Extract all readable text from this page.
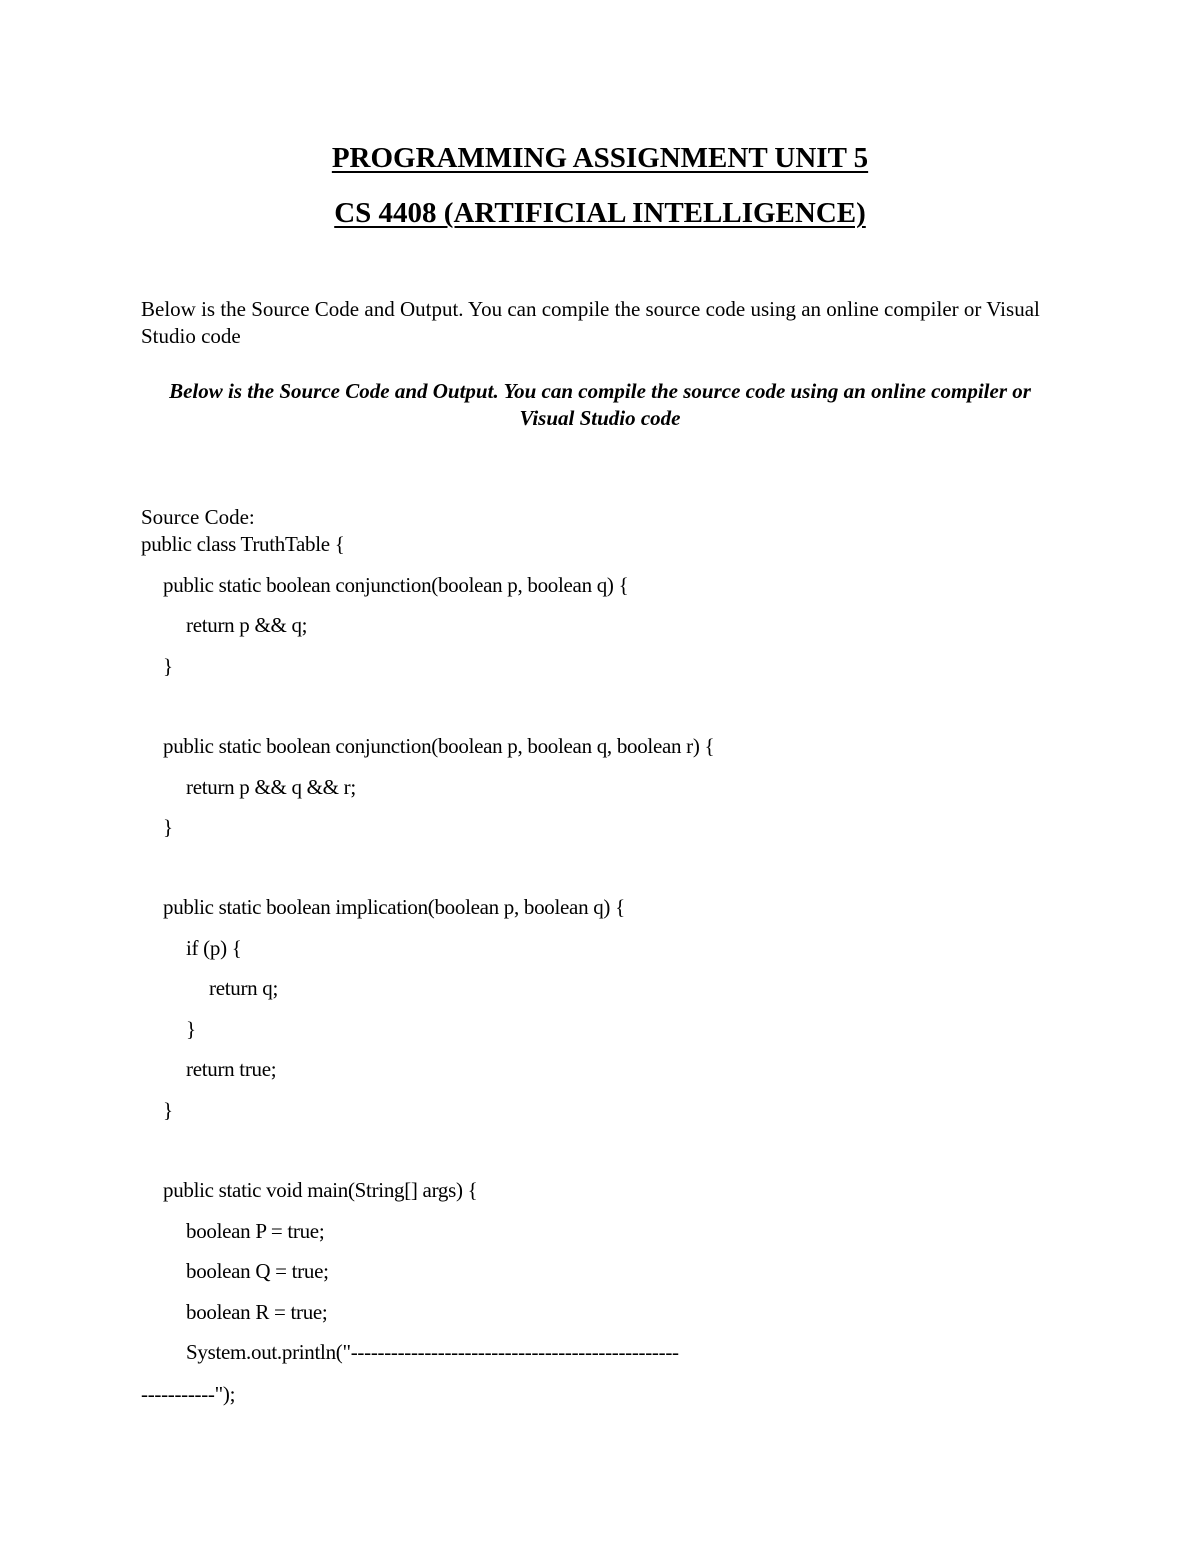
PROGRAMMING ASSIGNMENT UNIT 5
CS 4408 (ARTIFICIAL INTELLIGENCE)
Below is the Source Code and Output. You can compile the source code using an online compiler or Visual Studio code
Below is the Source Code and Output. You can compile the source code using an online compiler or Visual Studio code
Source Code:
public class TruthTable {
public static boolean conjunction(boolean p, boolean q) {
return p && q;
}
public static boolean conjunction(boolean p, boolean q, boolean r) {
return p && q && r;
}
public static boolean implication(boolean p, boolean q) {
if (p) {
return q;
}
return true;
}
public static void main(String[] args) {
boolean P = true;
boolean Q = true;
boolean R = true;
System.out.println("-------------------------------------------------
-----------");
